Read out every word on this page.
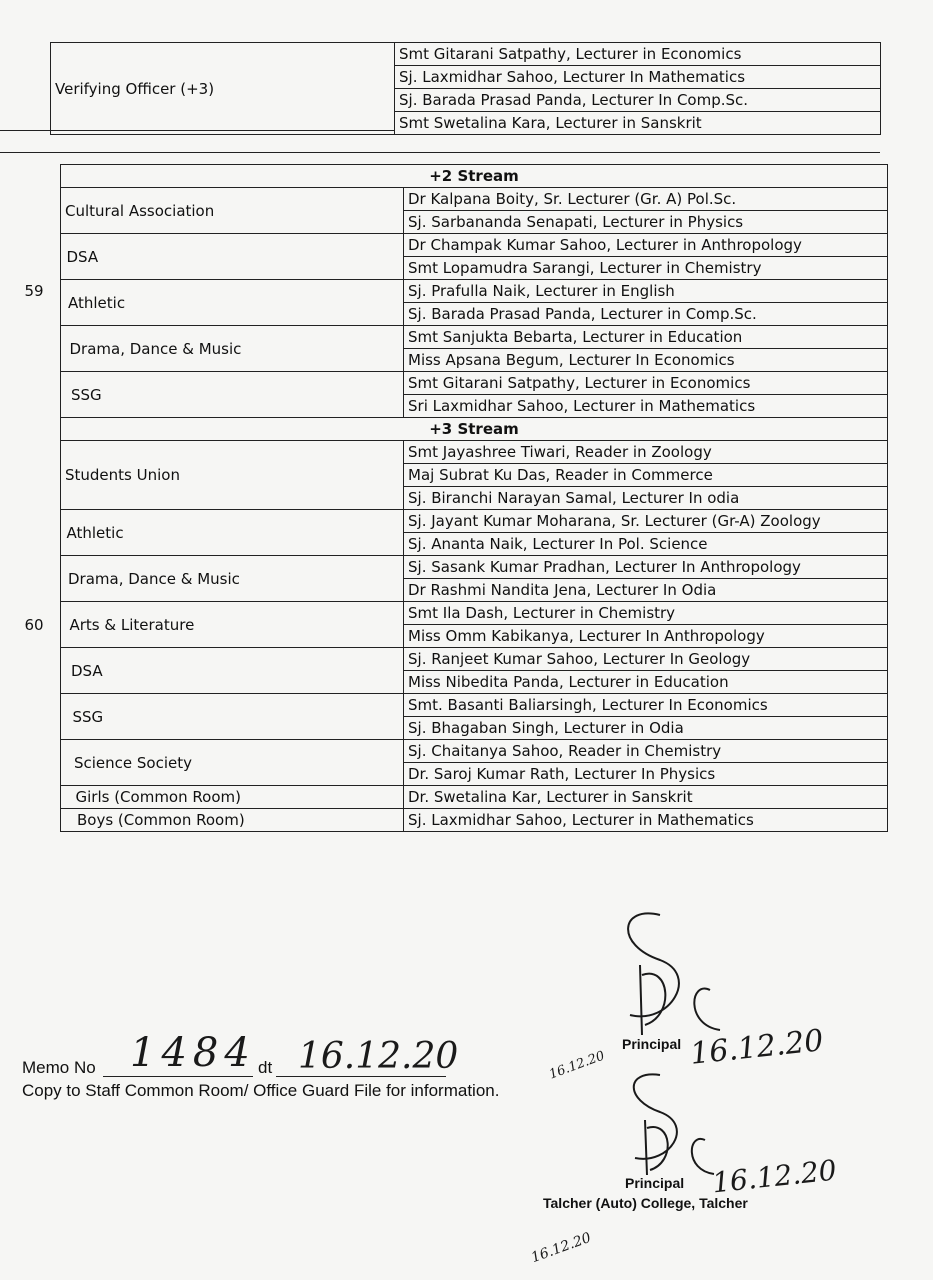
Verifying Officer (+3)	Smt Gitarani Satpathy, Lecturer in Economics
Sj. Laxmidhar Sahoo, Lecturer In Mathematics
Sj. Barada Prasad Panda, Lecturer In Comp.Sc.
Smt Swetalina Kara, Lecturer in Sanskrit
59	+2 Stream	
	Cultural Association	Dr Kalpana Boity, Sr. Lecturer (Gr. A) Pol.Sc.
		Sj. Sarbananda Senapati, Lecturer in Physics
	DSA	Dr Champak Kumar Sahoo, Lecturer in Anthropology
		Smt Lopamudra Sarangi, Lecturer in Chemistry
	Athletic	Sj. Prafulla Naik, Lecturer in English
		Sj. Barada Prasad Panda, Lecturer in Comp.Sc.
	Drama, Dance & Music	Smt Sanjukta Bebarta, Lecturer in Education
		Miss Apsana Begum, Lecturer In Economics
	SSG	Smt Gitarani Satpathy, Lecturer in Economics
		Sri Laxmidhar Sahoo, Lecturer in Mathematics
60	+3 Stream	
	Students Union	Smt Jayashree Tiwari, Reader in Zoology
		Maj Subrat Ku Das, Reader in Commerce
		Sj. Biranchi Narayan Samal, Lecturer In odia
	Athletic	Sj. Jayant Kumar Moharana, Sr. Lecturer (Gr-A) Zoology
		Sj. Ananta Naik, Lecturer In Pol. Science
	Drama, Dance & Music	Sj. Sasank Kumar Pradhan, Lecturer In Anthropology
		Dr Rashmi Nandita Jena, Lecturer In Odia
	Arts & Literature	Smt Ila Dash, Lecturer in Chemistry
		Miss Omm Kabikanya, Lecturer In Anthropology
	DSA	Sj. Ranjeet Kumar Sahoo, Lecturer In Geology
		Miss Nibedita Panda, Lecturer in Education
	SSG	Smt. Basanti Baliarsingh, Lecturer In Economics
		Sj. Bhagaban Singh, Lecturer in Odia
	Science Society	Sj. Chaitanya Sahoo, Reader in Chemistry
		Dr. Saroj Kumar Rath, Lecturer In Physics
	Girls (Common Room)	Dr. Swetalina Kar, Lecturer in Sanskrit
	Boys (Common Room)	Sj. Laxmidhar Sahoo, Lecturer in Mathematics
Memo No 1484 dt 16.12.20
Copy to Staff Common Room/ Office Guard File for information.
Principal 16.12.20
Principal 16.12.20
Talcher (Auto) College, Talcher
16.12.20
16.12.20
